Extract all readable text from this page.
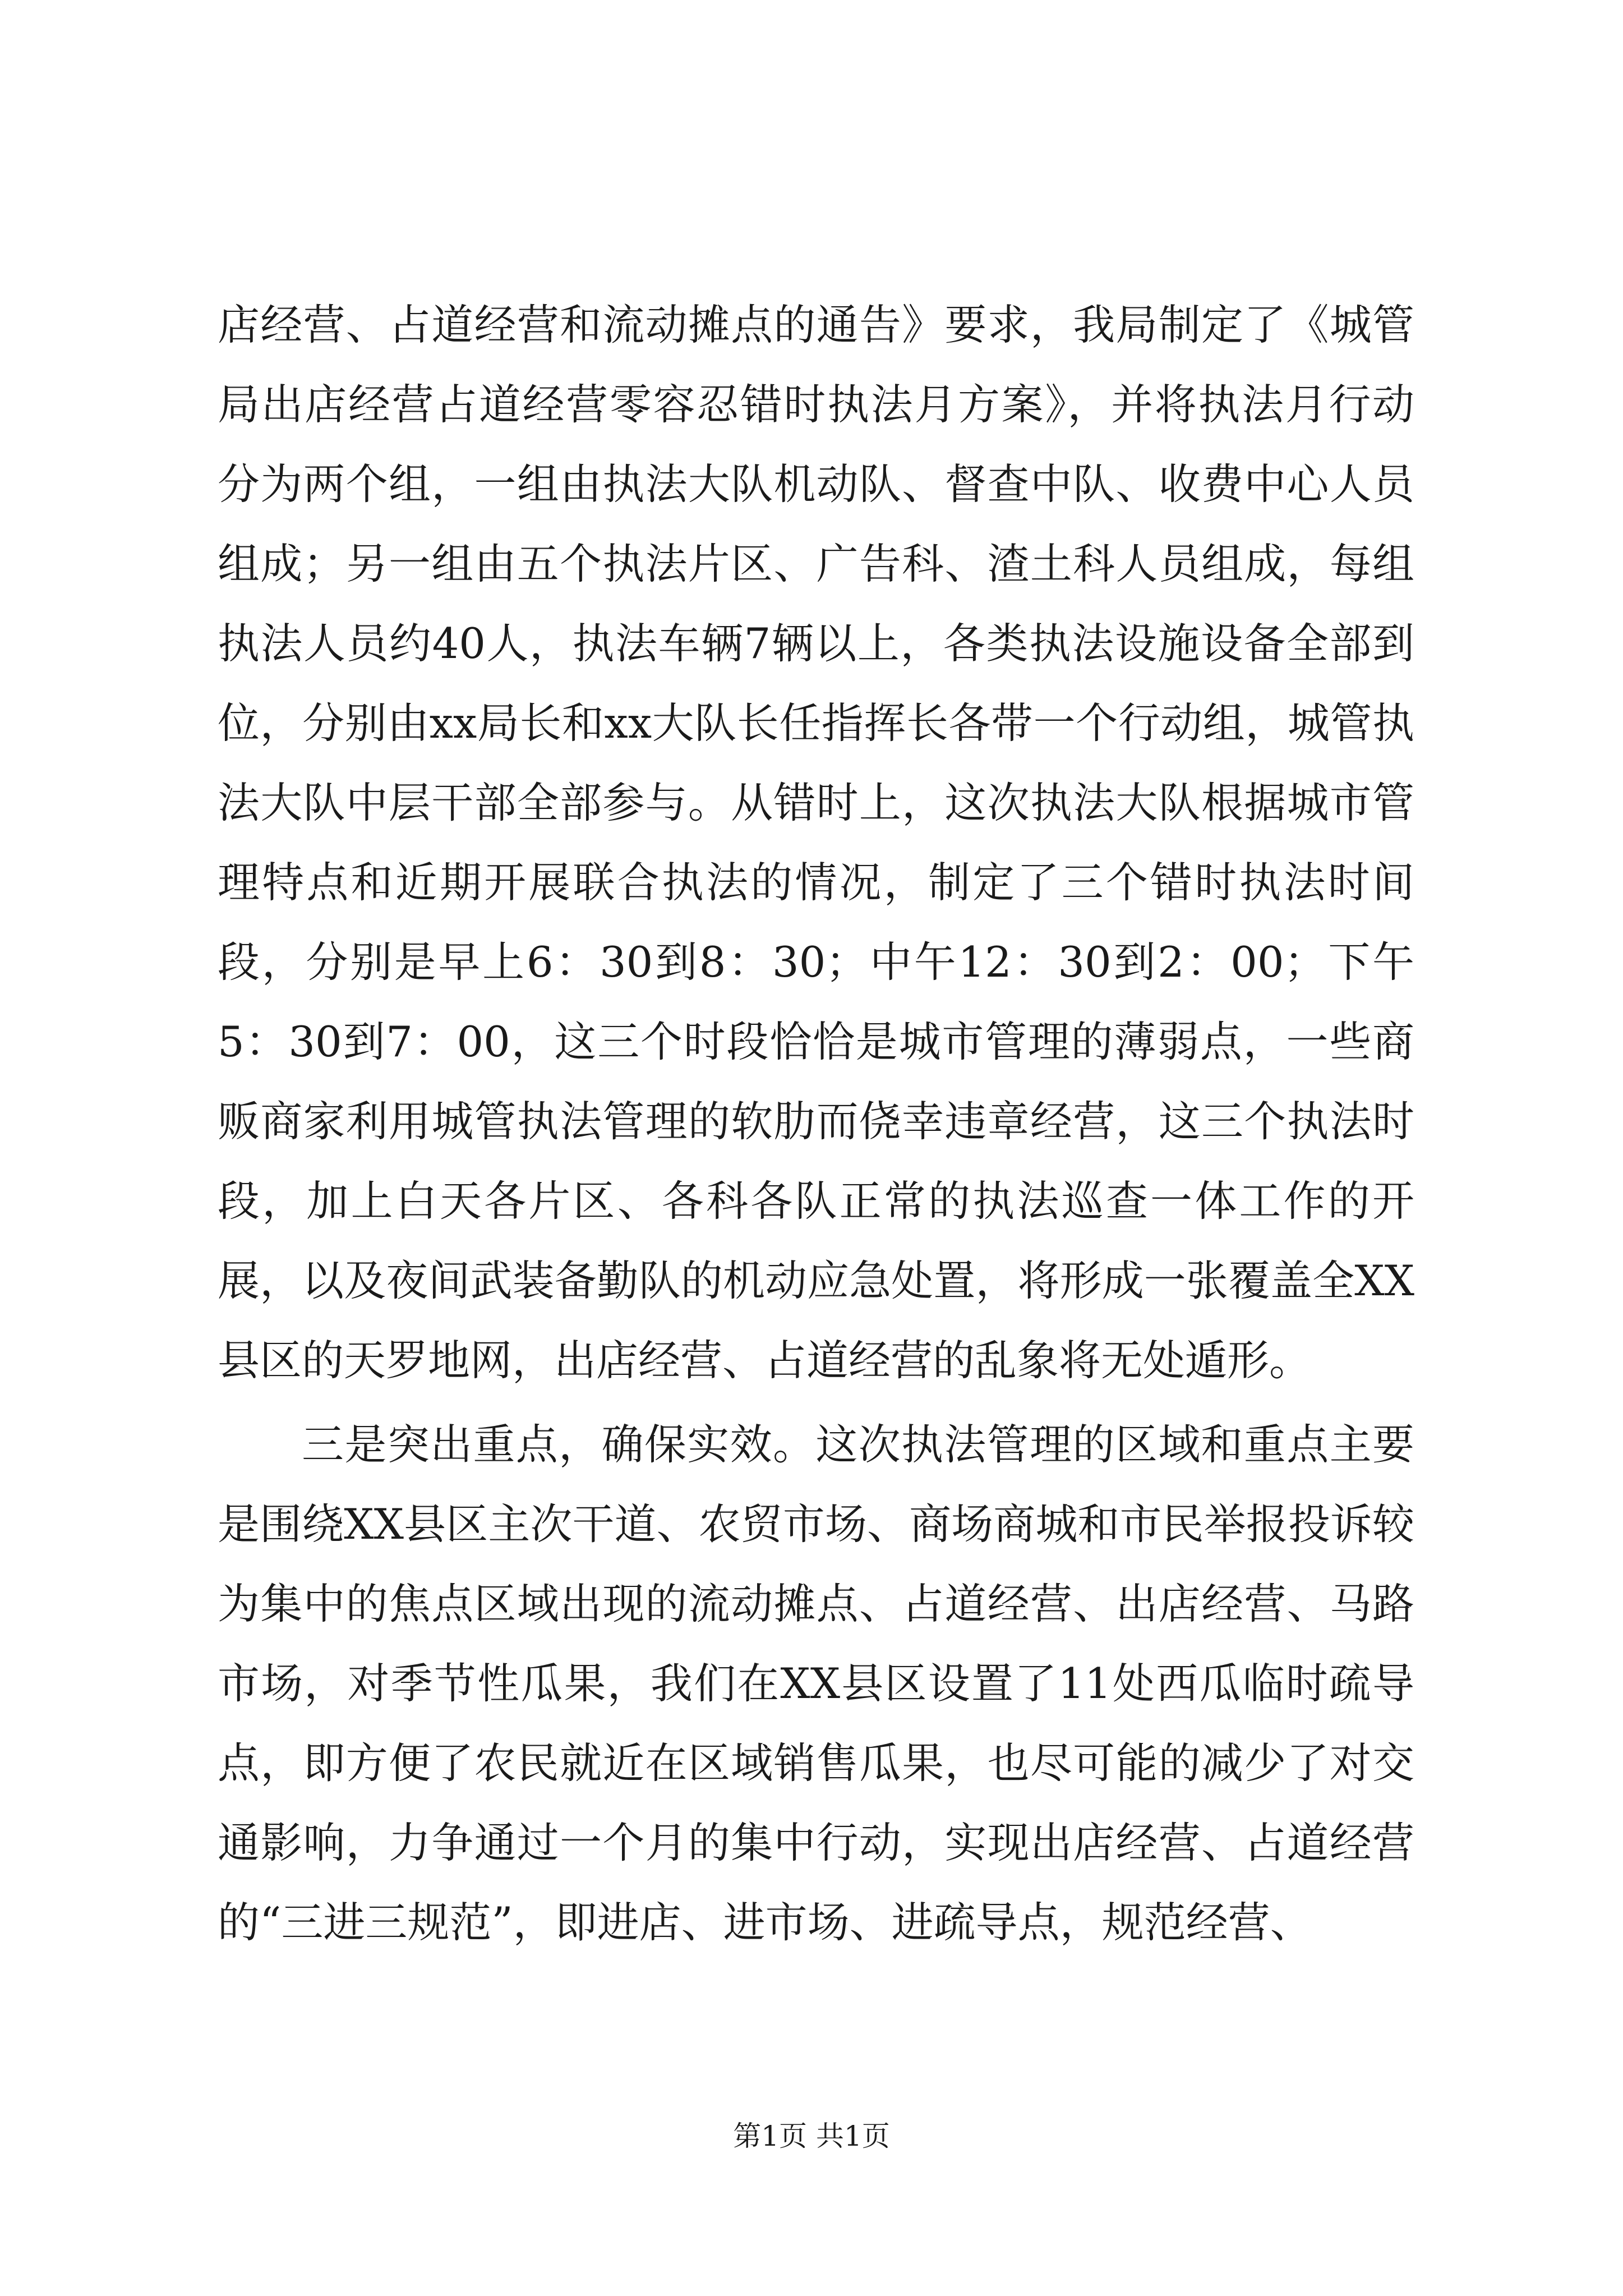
店经营、占道经营和流动摊点的通告》要求，我局制定了《城管局出店经营占道经营零容忍错时执法月方案》，并将执法月行动分为两个组，一组由执法大队机动队、督查中队、收费中心人员组成；另一组由五个执法片区、广告科、渣土科人员组成，每组执法人员约40人，执法车辆7辆以上，各类执法设施设备全部到位，分别由xx局长和xx大队长任指挥长各带一个行动组，城管执法大队中层干部全部参与。从错时上，这次执法大队根据城市管理特点和近期开展联合执法的情况，制定了三个错时执法时间段，分别是早上6：30到8：30；中午12：30到2：00；下午5：30到7：00，这三个时段恰恰是城市管理的薄弱点，一些商贩商家利用城管执法管理的软肋而侥幸违章经营，这三个执法时段，加上白天各片区、各科各队正常的执法巡查一体工作的开展，以及夜间武装备勤队的机动应急处置，将形成一张覆盖全XX县区的天罗地网，出店经营、占道经营的乱象将无处遁形。

三是突出重点，确保实效。这次执法管理的区域和重点主要是围绕XX县区主次干道、农贸市场、商场商城和市民举报投诉较为集中的焦点区域出现的流动摊点、占道经营、出店经营、马路市场，对季节性瓜果，我们在XX县区设置了11处西瓜临时疏导点，即方便了农民就近在区域销售瓜果，也尽可能的减少了对交通影响，力争通过一个月的集中行动，实现出店经营、占道经营的“三进三规范”，即进店、进市场、进疏导点，规范经营、

第1页 共1页
